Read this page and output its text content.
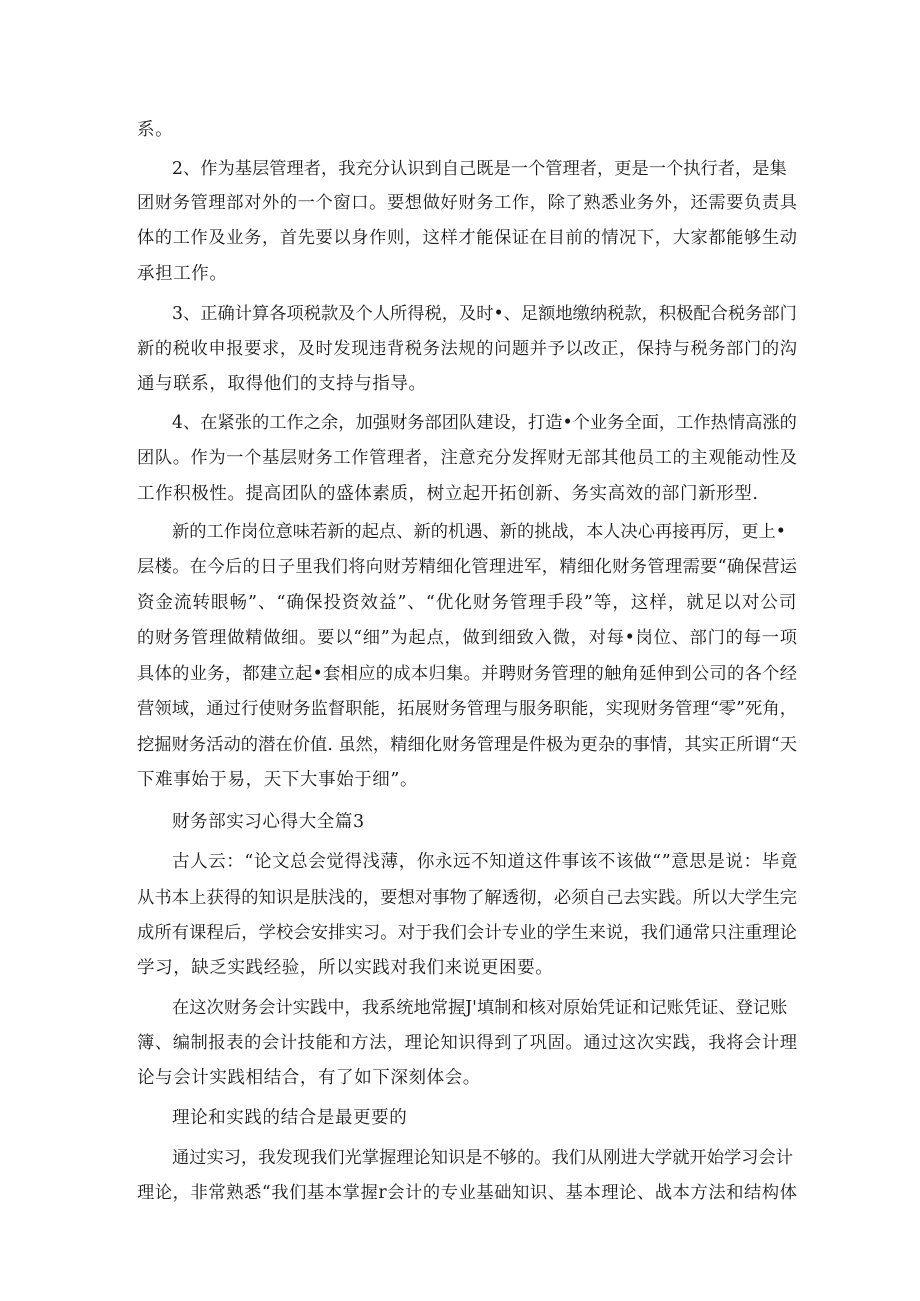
系。
2、作为基层管理者，我充分认识到自己既是一个管理者，更是一个执行者，是集
团财务管理部对外的一个窗口。要想做好财务工作，除了熟悉业务外，还需要负责具
体的工作及业务，首先要以身作则，这样才能保证在目前的情况下，大家都能够生动
承担工作。
3、正确计算各项税款及个人所得税，及时•、足额地缴纳税款，积极配合税务部门
新的税收申报要求，及时发现违背税务法规的问题并予以改正，保持与税务部门的沟
通与联系，取得他们的支持与指导。
4、在紧张的工作之余，加强财务部团队建设，打造•个业务全面，工作热情高涨的
团队。作为一个基层财务工作管理者，注意充分发挥财无部其他员工的主观能动性及
工作积极性。提高团队的盛体素质，树立起开拓创新、务实高效的部门新形型.
新的工作岗位意味若新的起点、新的机遇、新的挑战，本人决心再接再厉，更上•
层楼。在今后的日子里我们将向财芳精细化管理进军，精细化财务管理需要“确保营运
资金流转眼畅”、“确保投资效益”、“优化财务管理手段”等，这样，就足以对公司
的财务管理做精做细。要以“细”为起点，做到细致入微，对每•岗位、部门的每一项
具体的业务，都建立起•套相应的成本归集。并聘财务管理的触角延伸到公司的各个经
营领域，通过行使财务监督职能，拓展财务管理与服务职能，实现财务管理“零”死角，
挖掘财务活动的潜在价值. 虽然，精细化财务管理是件极为更杂的事情，其实正所谓“天
下难事始于易，天下大事始于细”。
财务部实习心得大全篇3
古人云：“论文总会觉得浅薄，你永远不知道这件事该不该做“”意思是说：毕竟
从书本上获得的知识是肤浅的，要想对事物了解透彻，必须自己去实践。所以大学生完
成所有课程后，学校会安排实习。对于我们会计专业的学生来说，我们通常只注重理论
学习，缺乏实践经验，所以实践对我们来说更困要。
在这次财务会计实践中，我系统地常握J'填制和核对原始凭证和记账凭证、登记账
簿、编制报表的会计技能和方法，理论知识得到了巩固。通过这次实践，我将会计理
论与会计实践相结合，有了如下深刻体会。
理论和实践的结合是最更要的
通过实习，我发现我们光掌握理论知识是不够的。我们从刚进大学就开始学习会计
理论，非常熟悉“我们基本掌握r会计的专业基础知识、基本理论、战本方法和结构体
